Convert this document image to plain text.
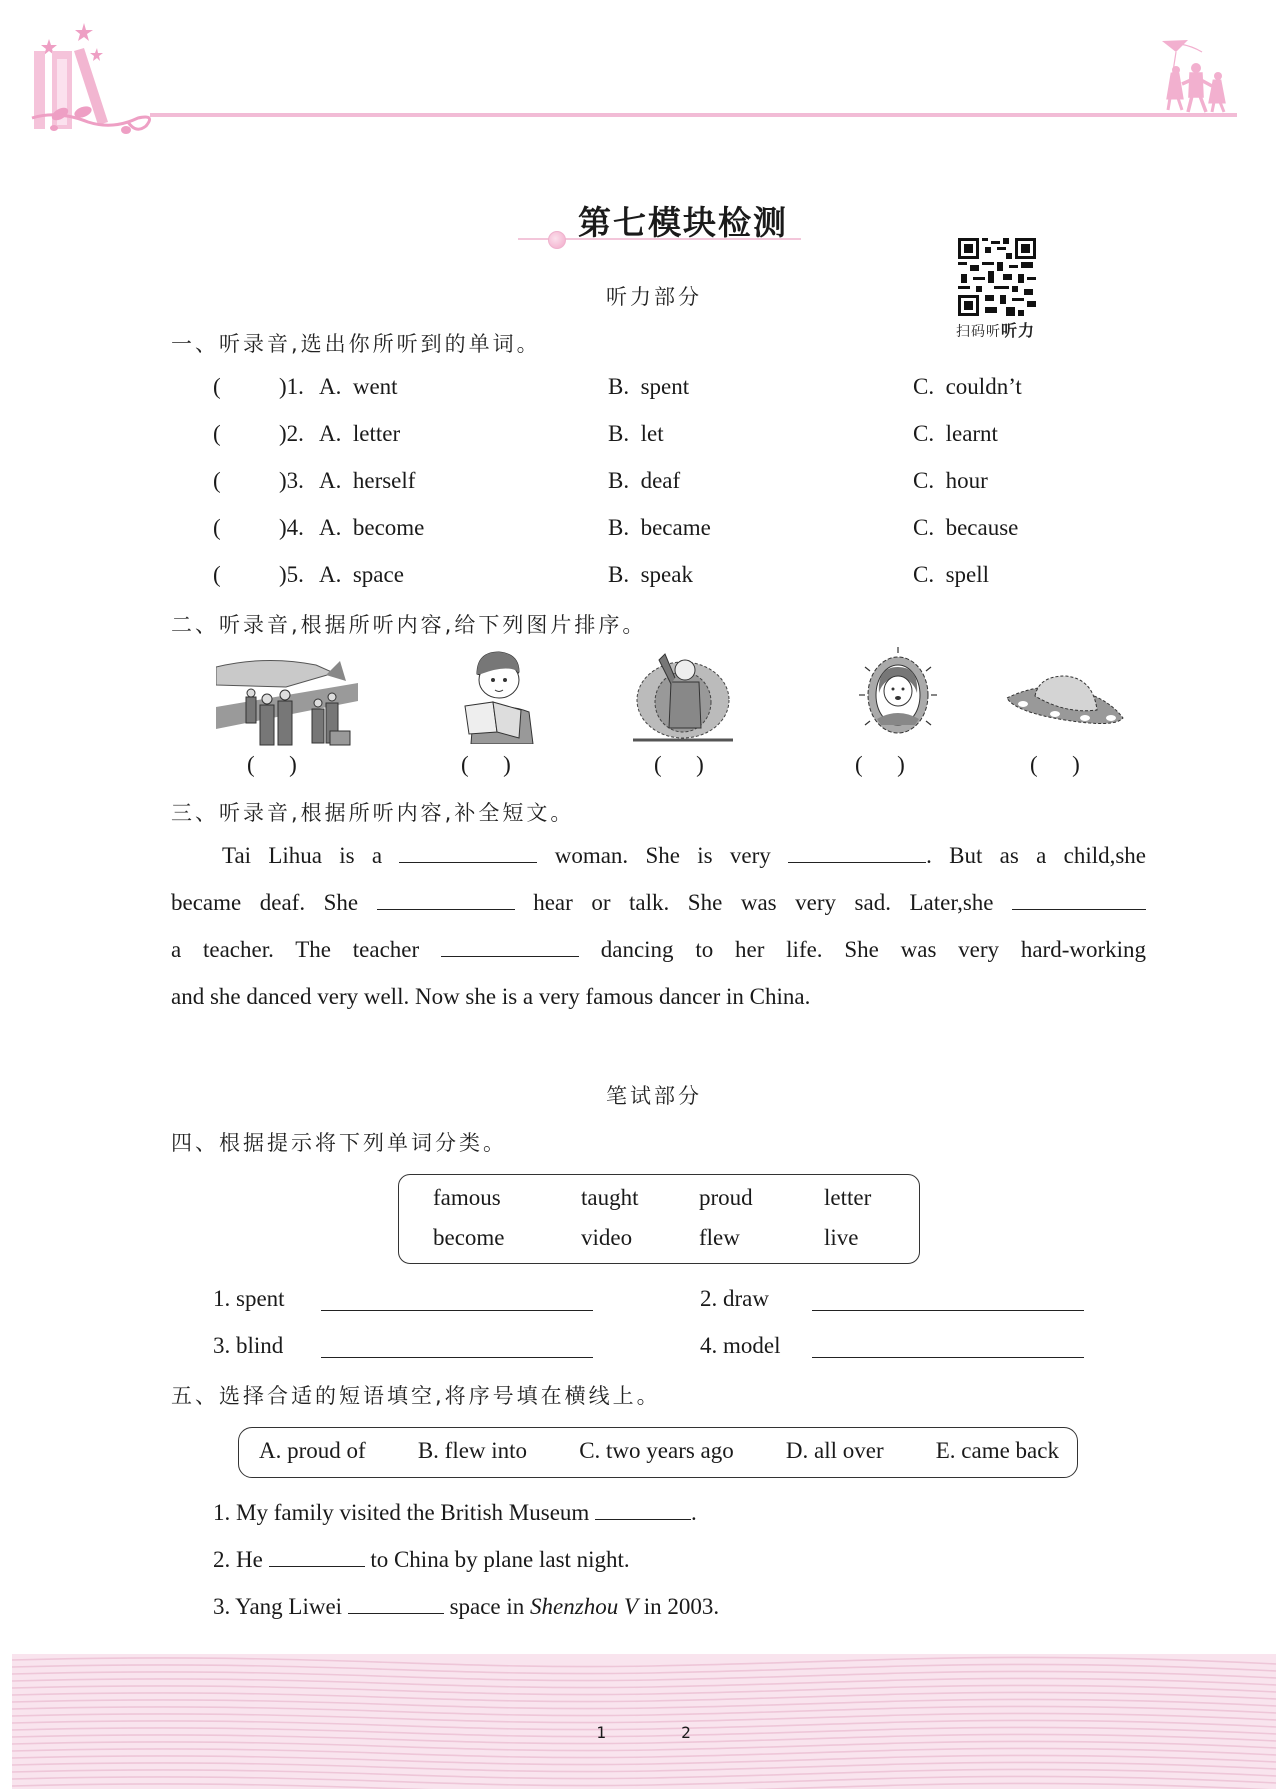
第七模块检测
扫码听听力
听力部分
一、听录音,选出你所听到的单词。
(	)1. A.  went	B.  spent	C.  couldn’t
(	)2. A.  letter	B.  let	C.  learnt
(	)3. A.  herself	B.  deaf	C.  hour
(	)4. A.  become	B.  became	C.  because
(	)5. A.  space	B.  speak	C.  spell
二、听录音,根据所听内容,给下列图片排序。
(      )	(      )	(      )	(      )	(      )
三、听录音,根据所听内容,补全短文。
Tai Lihua is a	woman. She is very	. But as a child,she
became deaf. She	hear or talk. She was very sad. Later,she
a teacher. The teacher	dancing to her life. She was very hard-working
and she danced very well. Now she is a very famous dancer in China.
笔试部分
四、根据提示将下列单词分类。
famous	taught	proud	letter
become	video	flew	live
1. spent	2. draw
3. blind	4. model
五、选择合适的短语填空,将序号填在横线上。
A. proud of B. flew into C. two years ago D. all over E. came back
1. My family visited the British Museum	.
2. He	to China by plane last night.
3. Yang Liwei	space in Shenzhou V in 2003.
1	2
